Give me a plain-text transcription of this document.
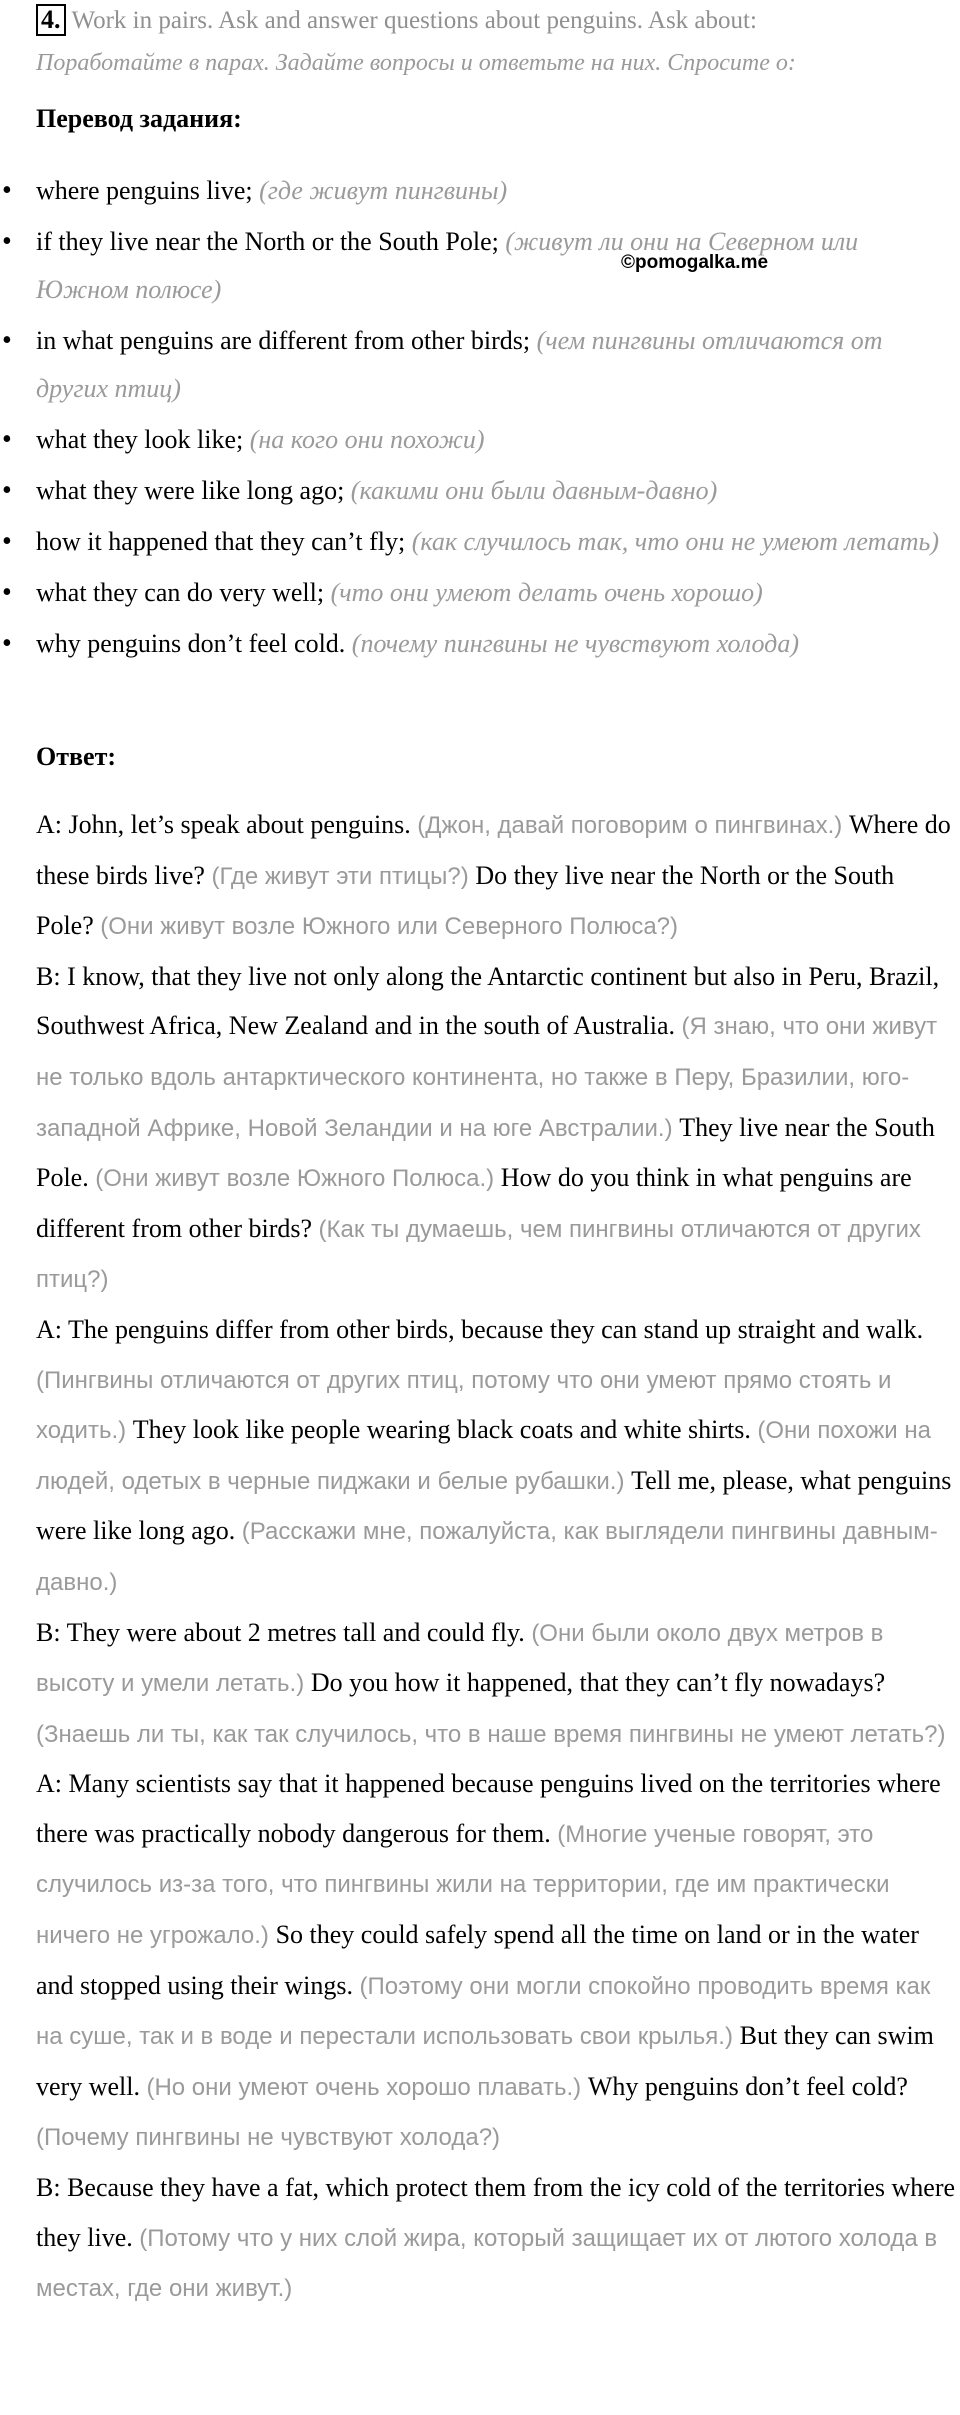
4. Work in pairs. Ask and answer questions about penguins. Ask about:
Поработайте в парах. Задайте вопросы и ответьте на них. Спросите о:
Перевод задания:
• where penguins live; (где живут пингвины)
• if they live near the North or the South Pole; (живут ли они на Северном или Южном полюсе)
• in what penguins are different from other birds; (чем пингвины отличаются от других птиц)
• what they look like; (на кого они похожи)
• what they were like long ago; (какими они были давным-давно)
• how it happened that they can’t fly; (как случилось так, что они не умеют летать)
• what they can do very well; (что они умеют делать очень хорошо)
• why penguins don’t feel cold. (почему пингвины не чувствуют холода)
©pomogalka.me
Ответ:

A: John, let’s speak about penguins. (Джон, давай поговорим о пингвинах.) Where do these birds live? (Где живут эти птицы?) Do they live near the North or the South Pole? (Они живут возле Южного или Северного Полюса?)

B: I know, that they live not only along the Antarctic continent but also in Peru, Brazil, Southwest Africa, New Zealand and in the south of Australia. (Я знаю, что они живут не только вдоль антарктического континента, но также в Перу, Бразилии, юго-западной Африке, Новой Зеландии и на юге Австралии.) They live near the South Pole. (Они живут возле Южного Полюса.) How do you think in what penguins are different from other birds? (Как ты думаешь, чем пингвины отличаются от других птиц?)

A: The penguins differ from other birds, because they can stand up straight and walk. (Пингвины отличаются от других птиц, потому что они умеют прямо стоять и ходить.) They look like people wearing black coats and white shirts. (Они похожи на людей, одетых в черные пиджаки и белые рубашки.) Tell me, please, what penguins were like long ago. (Расскажи мне, пожалуйста, как выглядели пингвины давным-давно.)

B: They were about 2 metres tall and could fly. (Они были около двух метров в высоту и умели летать.) Do you how it happened, that they can’t fly nowadays? (Знаешь ли ты, как так случилось, что в наше время пингвины не умеют летать?)

A: Many scientists say that it happened because penguins lived on the territories where there was practically nobody dangerous for them. (Многие ученые говорят, это случилось из-за того, что пингвины жили на территории, где им практически ничего не угрожало.) So they could safely spend all the time on land or in the water and stopped using their wings. (Поэтому они могли спокойно проводить время как на суше, так и в воде и перестали использовать свои крылья.) But they can swim very well. (Но они умеют очень хорошо плавать.) Why penguins don’t feel cold? (Почему пингвины не чувствуют холода?)

B: Because they have a fat, which protect them from the icy cold of the territories where they live. (Потому что у них слой жира, который защищает их от лютого холода в местах, где они живут.)
